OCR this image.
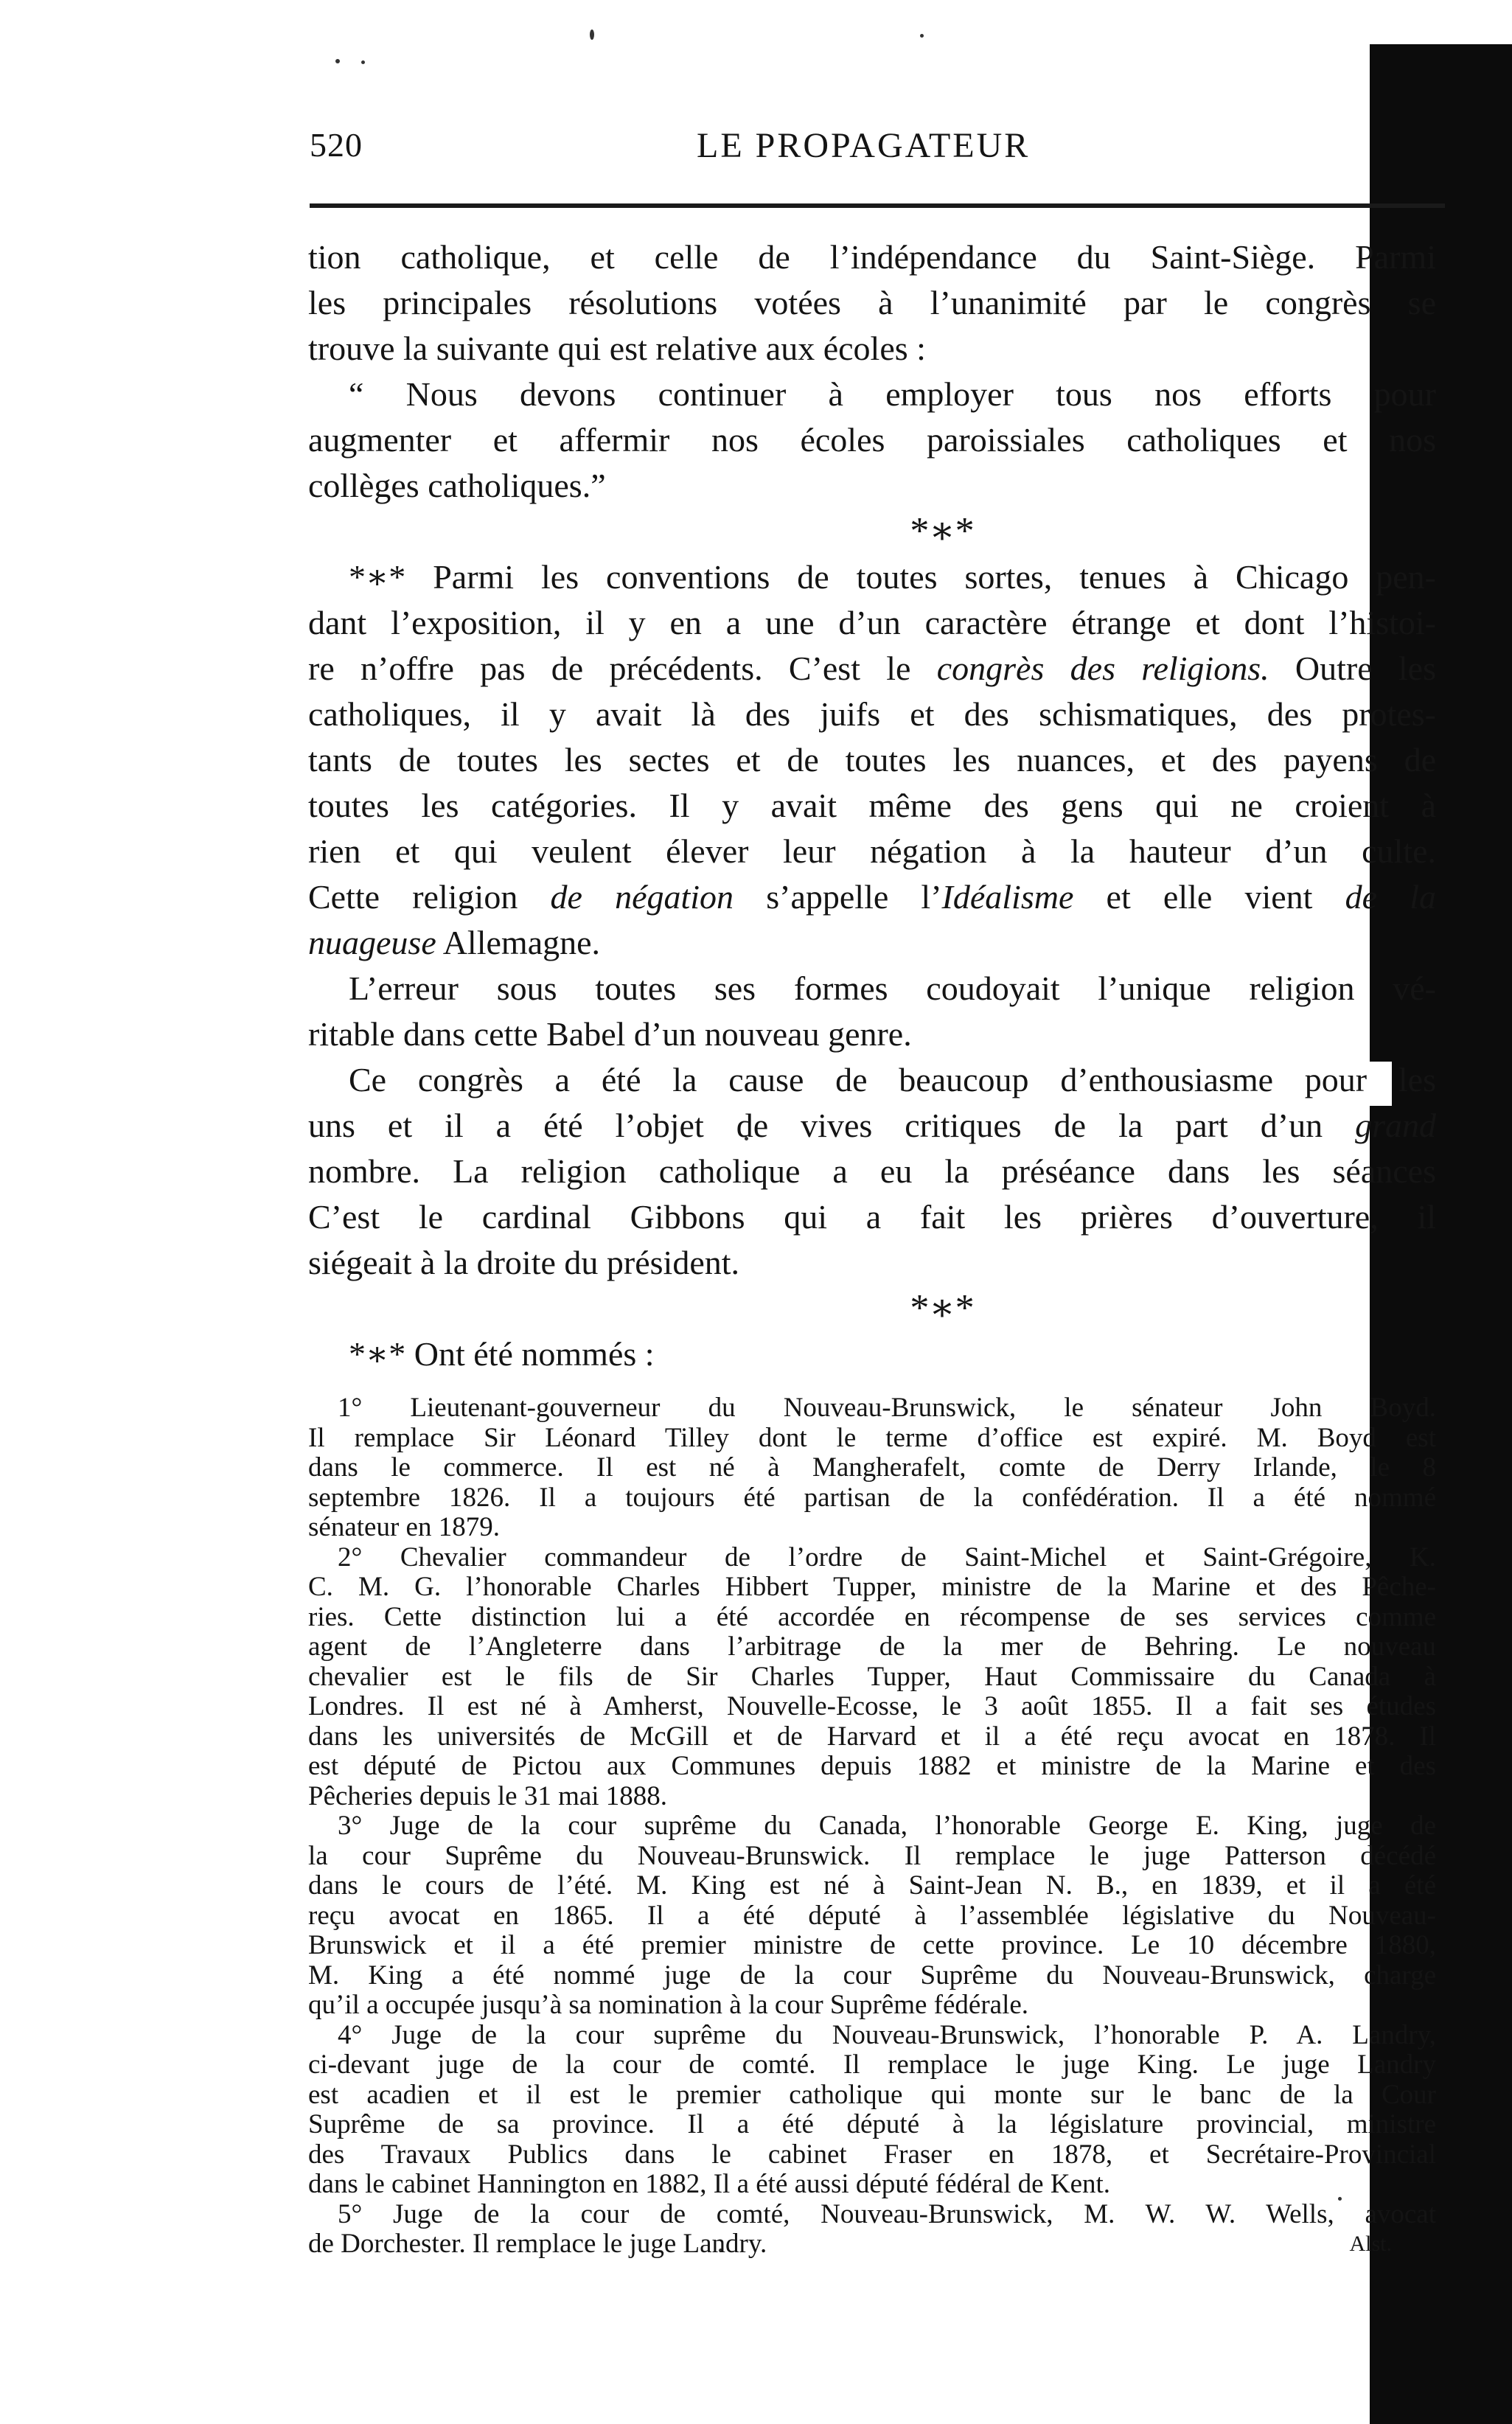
520	LE PROPAGATEUR
tion catholique, et celle de l’indépendance du Saint-Siège. Parmi
les principales résolutions votées à l’unanimité par le congrès se
trouve la suivante qui est relative aux écoles :
“ Nous devons continuer à employer tous nos efforts pour
augmenter et affermir nos écoles paroissiales catholiques et nos
collèges catholiques.”
*∗*
*∗* Parmi les conventions de toutes sortes, tenues à Chicago pen-
dant l’exposition, il y en a une d’un caractère étrange et dont l’histoi-
re n’offre pas de précédents. C’est le congrès des religions. Outre les
catholiques, il y avait là des juifs et des schismatiques, des protes-
tants de toutes les sectes et de toutes les nuances, et des payens de
toutes les catégories. Il y avait même des gens qui ne croient à
rien et qui veulent élever leur négation à la hauteur d’un culte.
Cette religion de négation s’appelle l’Idéalisme et elle vient de la
nuageuse Allemagne.
L’erreur sous toutes ses formes coudoyait l’unique religion vé-
ritable dans cette Babel d’un nouveau genre.
Ce congrès a été la cause de beaucoup d’enthousiasme pour les
uns et il a été l’objet de vives critiques de la part d’un grand
nombre. La religion catholique a eu la préséance dans les séances
C’est le cardinal Gibbons qui a fait les prières d’ouverture, il
siégeait à la droite du président.
*∗*
*∗* Ont été nommés :
1° Lieutenant-gouverneur du Nouveau-Brunswick, le sénateur John Boyd.
Il remplace Sir Léonard Tilley dont le terme d’office est expiré. M. Boyd est
dans le commerce. Il est né à Mangherafelt, comte de Derry Irlande, le 8
septembre 1826. Il a toujours été partisan de la confédération. Il a été nommé
sénateur en 1879.
2° Chevalier commandeur de l’ordre de Saint-Michel et Saint-Grégoire, K.
C. M. G. l’honorable Charles Hibbert Tupper, ministre de la Marine et des Pêche-
ries. Cette distinction lui a été accordée en récompense de ses services comme
agent de l’Angleterre dans l’arbitrage de la mer de Behring. Le nouveau
chevalier est le fils de Sir Charles Tupper, Haut Commissaire du Canada à
Londres. Il est né à Amherst, Nouvelle-Ecosse, le 3 août 1855. Il a fait ses études
dans les universités de McGill et de Harvard et il a été reçu avocat en 1878. Il
est député de Pictou aux Communes depuis 1882 et ministre de la Marine et des
Pêcheries depuis le 31 mai 1888.
3° Juge de la cour suprême du Canada, l’honorable George E. King, juge de
la cour Suprême du Nouveau-Brunswick. Il remplace le juge Patterson décédé
dans le cours de l’été. M. King est né à Saint-Jean N. B., en 1839, et il a été
reçu avocat en 1865. Il a été député à l’assemblée législative du Nouveau-
Brunswick et il a été premier ministre de cette province. Le 10 décembre 1880,
M. King a été nommé juge de la cour Suprême du Nouveau-Brunswick, charge
qu’il a occupée jusqu’à sa nomination à la cour Suprême fédérale.
4° Juge de la cour suprême du Nouveau-Brunswick, l’honorable P. A. Landry,
ci-devant juge de la cour de comté. Il remplace le juge King. Le juge Landry
est acadien et il est le premier catholique qui monte sur le banc de la Cour
Suprême de sa province. Il a été député à la législature provincial, ministre
des Travaux Publics dans le cabinet Fraser en 1878, et Secrétaire-Provincial
dans le cabinet Hannington en 1882, Il a été aussi député fédéral de Kent.
5° Juge de la cour de comté, Nouveau-Brunswick, M. W. W. Wells, avocat
de Dorchester. Il remplace le juge Landry.	Alst.
